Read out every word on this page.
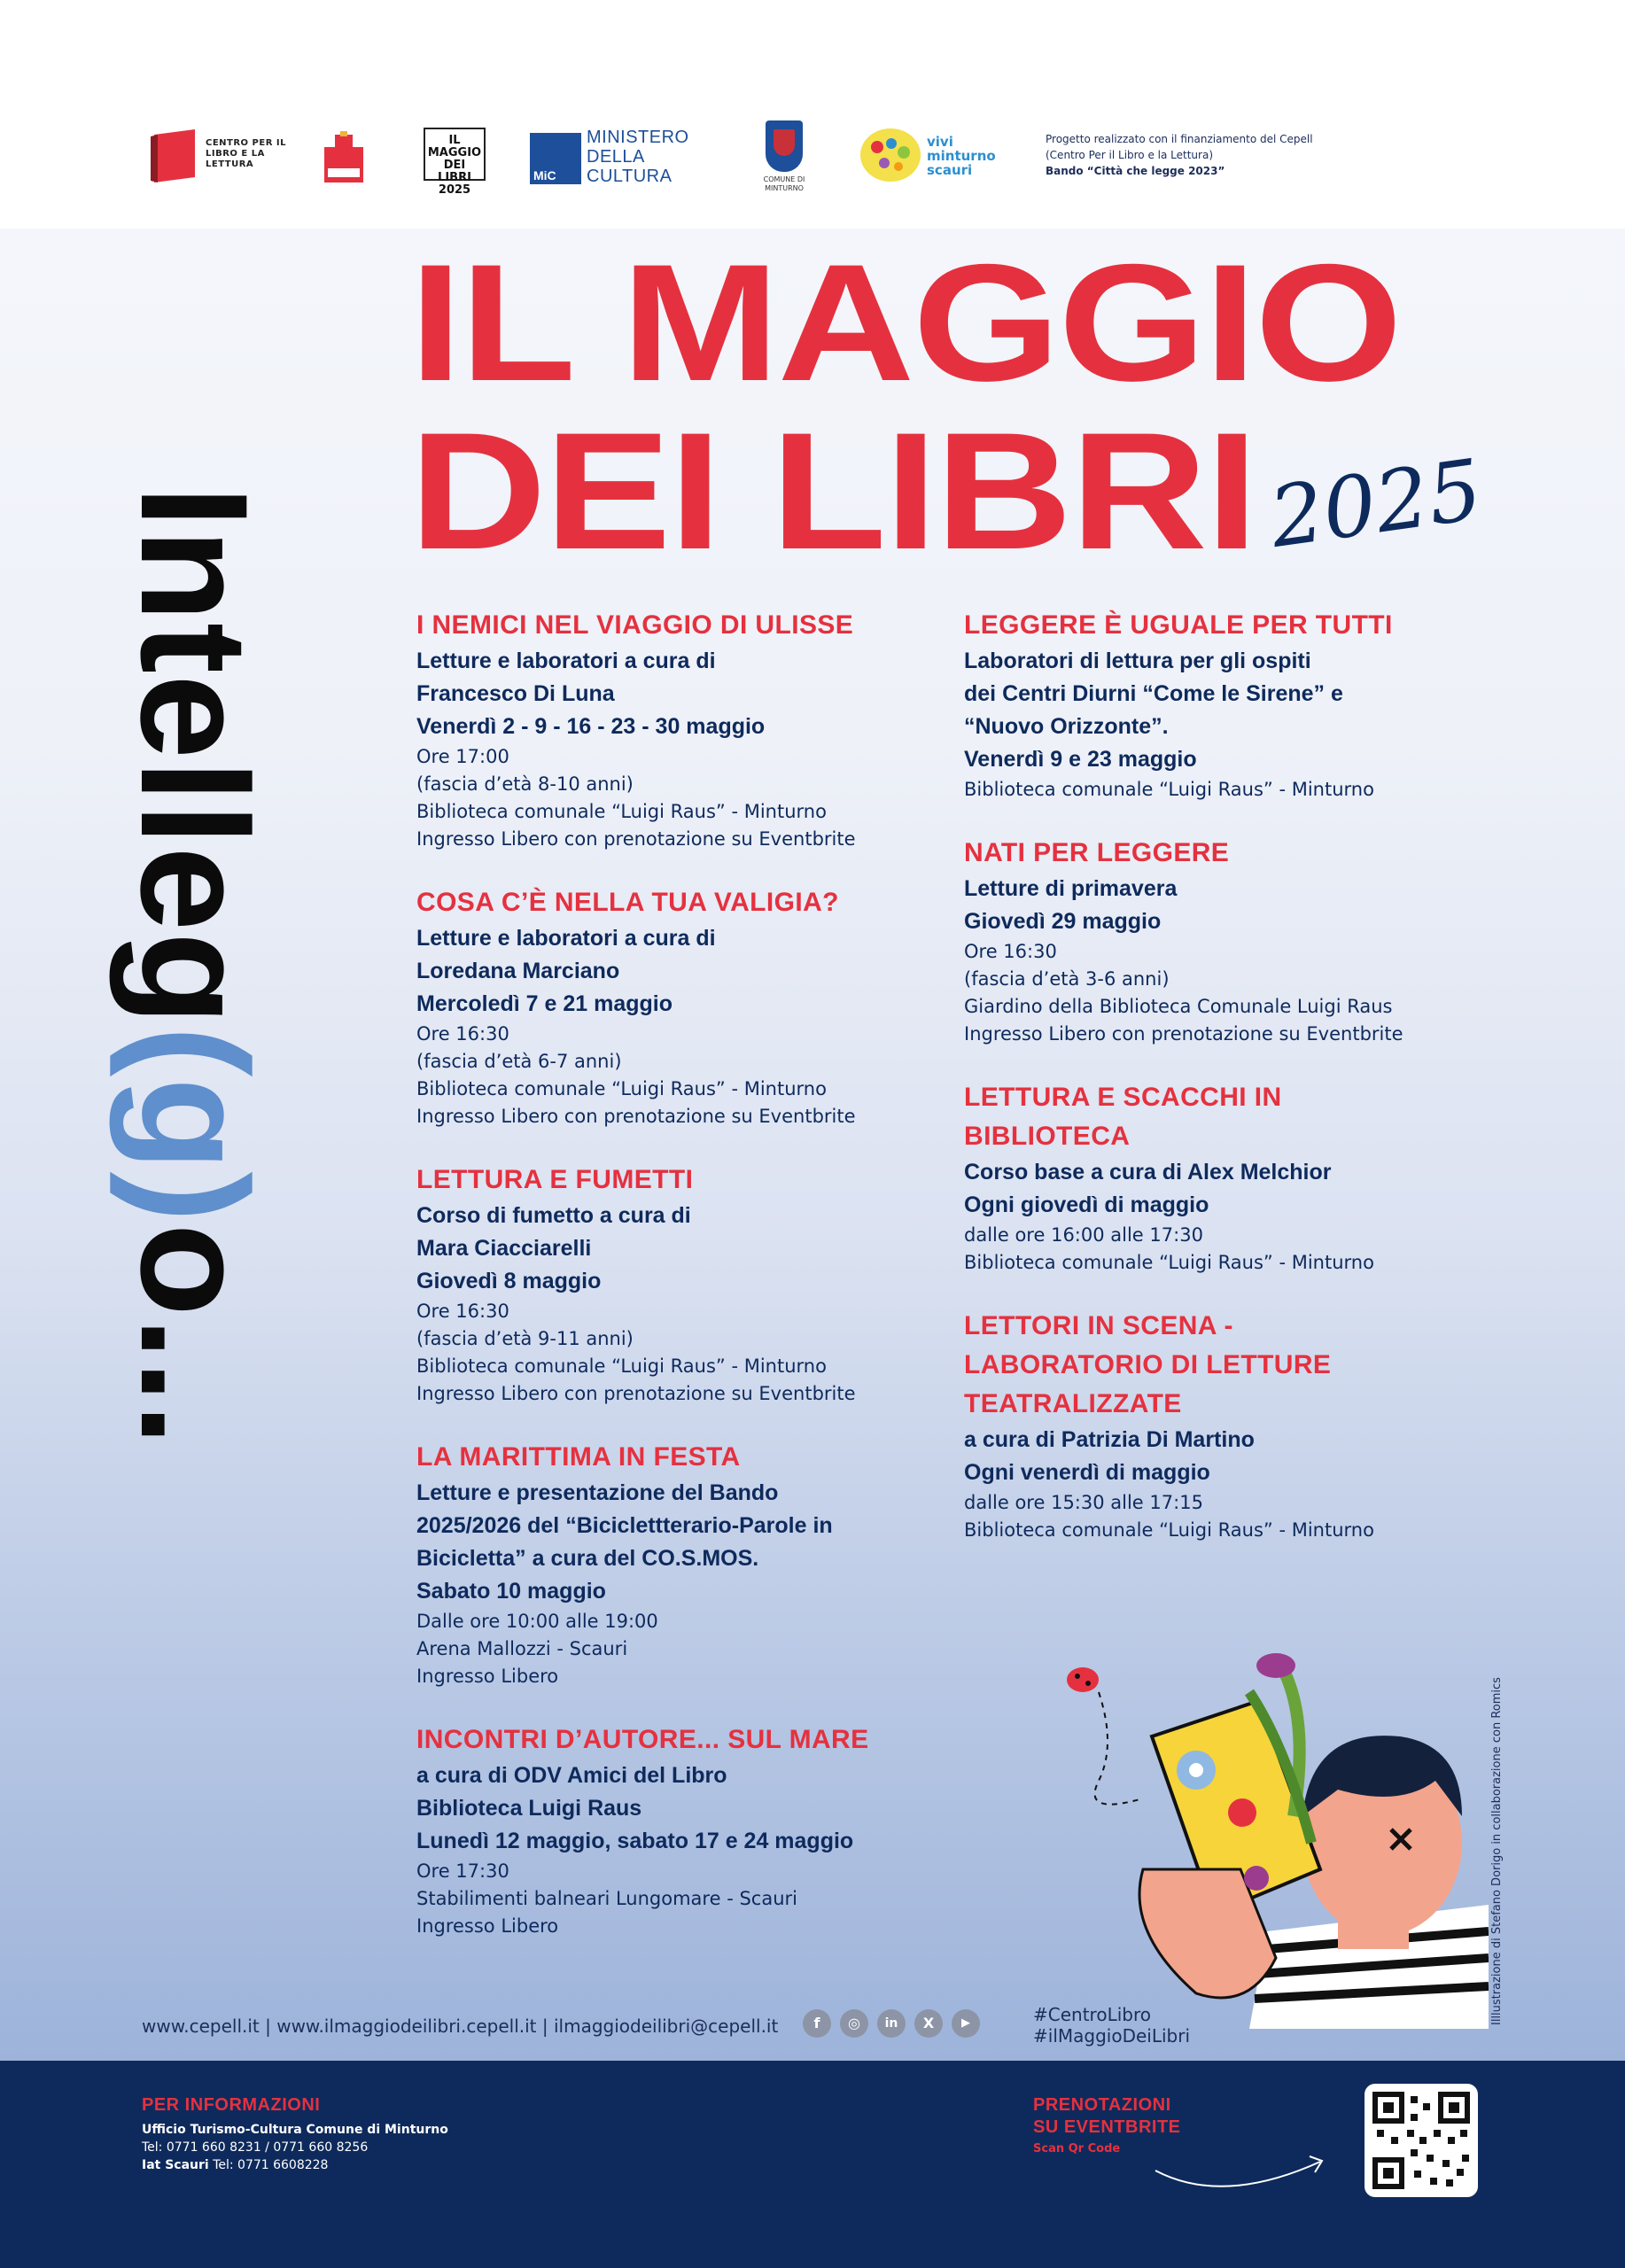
CENTRO PER IL LIBRO E LA LETTURA
IL MAGGIO DEI LIBRI 2025
MiC
MINISTERO DELLA CULTURA	COMUNE DI MINTURNO
vivi minturno scauri
Progetto realizzato con il finanziamento del Cepell
(Centro Per il Libro e la Lettura)
Bando “Città che legge 2023”
Intelleg(g)o...
IL MAGGIO
DEI LIBRI 2025
I NEMICI NEL VIAGGIO DI ULISSE
Letture e laboratori a cura di
Francesco Di Luna
Venerdì 2 - 9 - 16 - 23 - 30 maggio
Ore 17:00
(fascia d’età 8-10 anni)
Biblioteca comunale “Luigi Raus” - Minturno
Ingresso Libero con prenotazione su Eventbrite
COSA C’È NELLA TUA VALIGIA?
Letture e laboratori a cura di
Loredana Marciano
Mercoledì 7 e 21 maggio
Ore 16:30
(fascia d’età 6-7 anni)
Biblioteca comunale “Luigi Raus” - Minturno
Ingresso Libero con prenotazione su Eventbrite
LETTURA E FUMETTI
Corso di fumetto a cura di
Mara Ciacciarelli
Giovedì 8 maggio
Ore 16:30
(fascia d’età 9-11 anni)
Biblioteca comunale “Luigi Raus” - Minturno
Ingresso Libero con prenotazione su Eventbrite
LA MARITTIMA IN FESTA
Letture e presentazione del Bando
2025/2026 del “Biciclettterario-Parole in
Bicicletta” a cura del CO.S.MOS.
Sabato 10 maggio
Dalle ore 10:00 alle 19:00
Arena Mallozzi - Scauri
Ingresso Libero
INCONTRI D’AUTORE... SUL MARE
a cura di ODV Amici del Libro
Biblioteca Luigi Raus
Lunedì 12 maggio, sabato 17 e 24 maggio
Ore 17:30
Stabilimenti balneari Lungomare - Scauri
Ingresso Libero
LEGGERE È UGUALE PER TUTTI
Laboratori di lettura per gli ospiti
dei Centri Diurni “Come le Sirene” e
“Nuovo Orizzonte”.
Venerdì 9 e 23 maggio
Biblioteca comunale “Luigi Raus” - Minturno
NATI PER LEGGERE
Letture di primavera
Giovedì 29 maggio
Ore 16:30
(fascia d’età 3-6 anni)
Giardino della Biblioteca Comunale Luigi Raus
Ingresso Libero con prenotazione su Eventbrite
LETTURA E SCACCHI IN BIBLIOTECA
Corso base a cura di Alex Melchior
Ogni giovedì di maggio
dalle ore 16:00 alle 17:30
Biblioteca comunale “Luigi Raus” - Minturno
LETTORI IN SCENA - LABORATORIO DI LETTURE TEATRALIZZATE
a cura di Patrizia Di Martino
Ogni venerdì di maggio
dalle ore 15:30 alle 17:15
Biblioteca comunale “Luigi Raus” - Minturno
Illlustrazione di Stefano Dorigo in collaborazione con Romics
www.cepell.it | www.ilmaggiodeilibri.cepell.it | ilmaggiodeilibri@cepell.it	f	◎	in	X	▶	#CentroLibro
#ilMaggioDeiLibri
PER INFORMAZIONI
Ufficio Turismo-Cultura Comune di Minturno
Tel: 0771 660 8231 / 0771 660 8256
Iat Scauri Tel: 0771 6608228
PRENOTAZIONI
SU EVENTBRITE
Scan Qr Code
